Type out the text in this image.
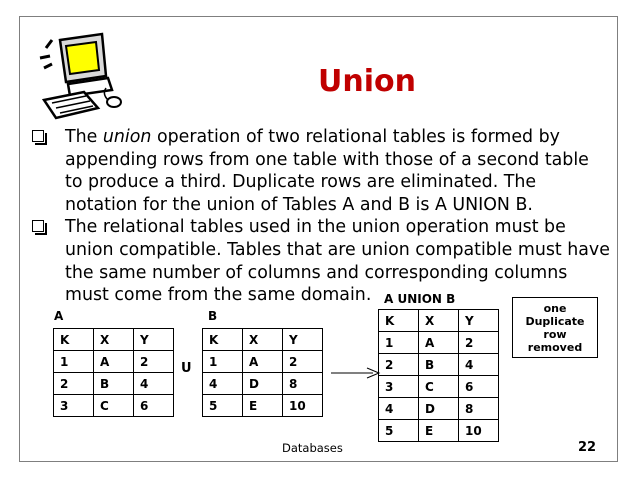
Union
The union operation of two relational tables is formed by appending rows from one table with those of a second table to produce a third. Duplicate rows are eliminated. The notation for the union of Tables A and B is A UNION B.
The relational tables used in the union operation must be union compatible. Tables that are union compatible must have the same number of columns and corresponding columns must come from the same domain.
A
K	X	Y
1	A	2
2	B	4
3	C	6
U
B
K	X	Y
1	A	2
4	D	8
5	E	10
A UNION B
K	X	Y
1	A	2
2	B	4
3	C	6
4	D	8
5	E	10
one
Duplicate
row
removed
Databases	22
